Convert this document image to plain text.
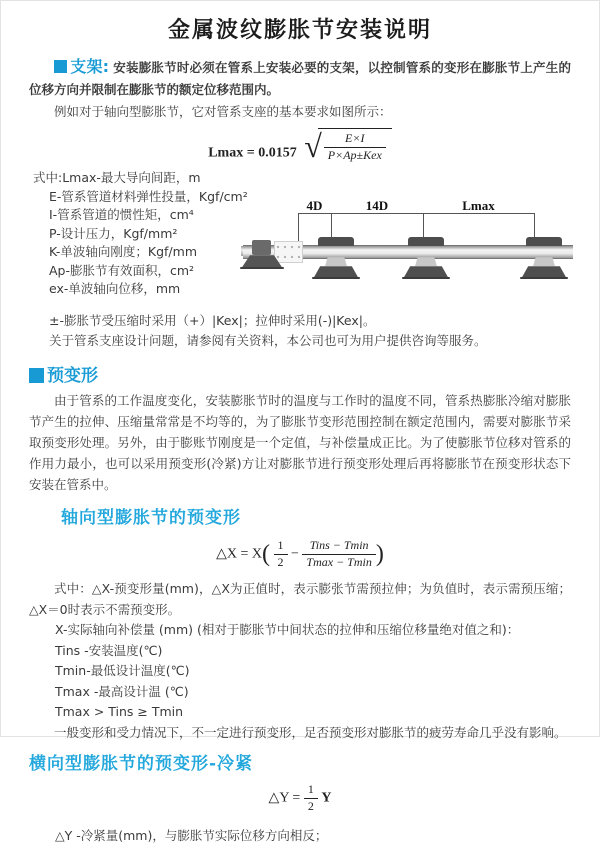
金属波纹膨胀节安装说明
支架: 安装膨胀节时必须在管系上安装必要的支架，以控制管系的变形在膨胀节上产生的位移方向并限制在膨胀节的额定位移范围内。
例如对于轴向型膨胀节，它对管系支座的基本要求如图所示：
Lmax = 0.0157 √ $\frac{E\times I}{\text{P×Ap±Kex}}$
式中:Lmax-最大导向间距，m
E-管系管道材料弹性投量，Kgf/cm²
I-管系管道的惯性矩，cm⁴
P-设计压力，Kgf/mm²
K-单波轴向刚度；Kgf/mm
Ap-膨胀节有效面积，cm²
ex-单波轴向位移，mm
4D	14D	Lmax
±-膨胀节受压缩时采用（+）|Kex|；拉伸时采用(-)|Kex|。
关于管系支座设计问题，请参阅有关资料，本公司也可为用户提供咨询等服务。
预变形
由于管系的工作温度变化，安装膨胀节时的温度与工作时的温度不同，管系热膨胀冷缩对膨胀节产生的拉伸、压缩量常常是不均等的，为了膨胀节变形范围控制在额定范围内，需要对膨胀节采取预变形处理。另外，由于膨账节刚度是一个定值，与补偿量成正比。为了使膨胀节位移对管系的作用力最小，也可以采用预变形(冷紧)方让对膨胀节进行预变形处理后再将膨胀节在预变形状态下安装在管系中。
轴向型膨胀节的预变形
△X = $X( \frac{1}{2} - \frac{\text{Tins − Tmin}}{Tmax - Tmin}$ )
式中：△X-预变形量(mm)，△X为正值时，表示膨张节需预拉伸；为负值时，表示需预压缩；△X＝0时表示不需预变形。
X-实际轴向补偿量 (mm) (相对于膨胀节中间状态的拉伸和压缩位移量绝对值之和)：
Tins -安装温度(℃)
Tmin-最低设计温度(℃)
Tmax -最高设计温 (℃)
Tmax > Tins ≥ Tmin
一般变形和受力情况下，不一定进行预变形，足否预变形对膨胀节的疲劳寿命几乎没有影响。
横向型膨胀节的预变形-冷紧
△Y = $\frac{1}{2}$ Y
△Y -冷紧量(mm)，与膨胀节实际位移方向相反；
